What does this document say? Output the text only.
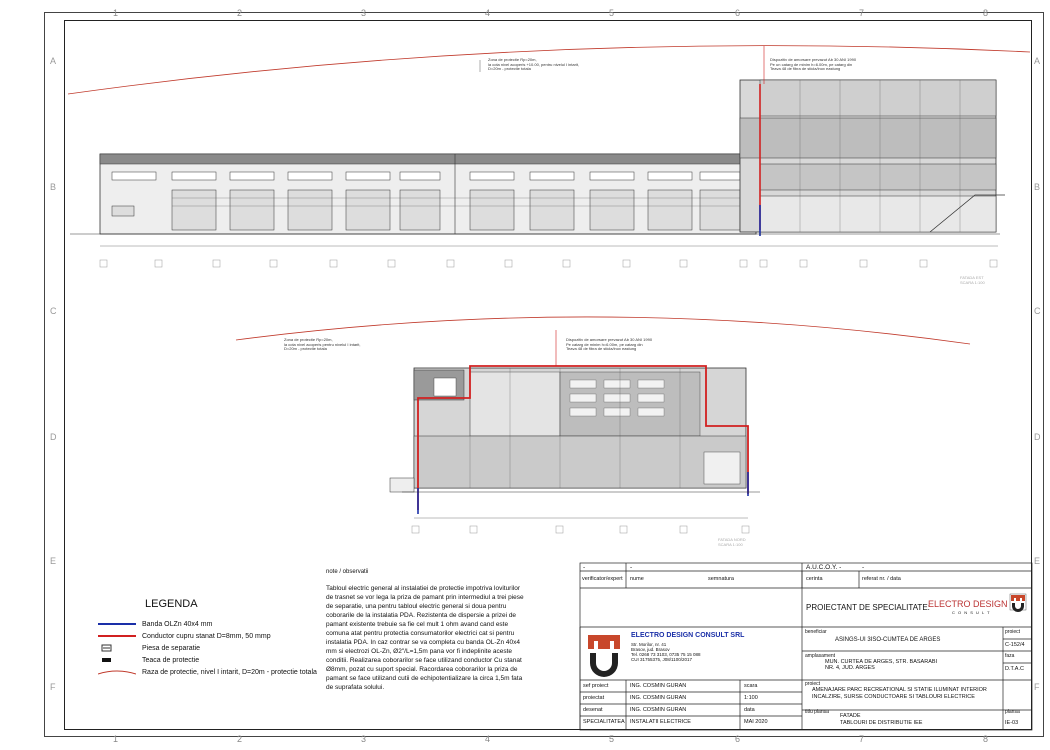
1	2	3	4	5	6	7	8
1	2	3	4	5	6	7	8
A
B
C
D
E
F
A
B
C
D
E
F
FATADA EST
SCARA 1:100
FATADA NORD
SCARA 1:100
Zona de protectie Rp=20m,
la cota nivel acoperis +10.00, pentru nivelul I intarit,
D=20m - protectie totala
Dispozitiv de amorsare prevazut Ab 30 ANI 1990
Pe un catarg de minim h=6.00m, pe catarg din
Teava 48 de fibra de sticla/inox eastung
Zona de protectie Rp=20m,
la cota nivel acoperis pentru nivelul I intarit,
D=20m - protectie totala
Dispozitiv de amorsare prevazut Ab 30 ANI 1990
Pe catarg de minim h=6.00m, pe catarg din
Teava 48 de fibra de sticla/inox eastung
LEGENDA
Banda OLZn 40x4 mm
Conductor cupru stanat D=8mm, 50 mmp
Piesa de separatie
Teaca de protectie
Raza de protectie, nivel I intarit, D=20m - protectie totala
note / observatii
Tabloul electric general al instalatiei de protectie impotriva loviturilor de trasnet se vor lega la priza de pamant prin intermediul a trei piese de separatie, una pentru tabloul electric general si doua pentru coborarile de la instalatia PDA. Rezistenta de dispersie a prizei de pamant existente trebuie sa fie cel mult 1 ohm avand cand este comuna atat pentru protectia consumatorilor electrici cat si pentru instalatia PDA. In caz contrar se va completa cu banda OL-Zn 40x4 mm si electrozi OL-Zn, Ø2"/L=1,5m pana vor fi indeplinite aceste conditii. Realizarea coborarilor se face utilizand conductor Cu stanat Ø8mm, pozat cu suport special. Racordarea coborarilor la priza de pamant se face utilizand cutii de echipotentializare la circa 1,5m fata de suprafata solului.
-	-	A.U.C.O.Y. -	-
verificator/expert nume	semnatura	cerinta	referat nr. / data
PROIECTANT DE SPECIALITATE:
ELECTRO DESIGN
C O N S U L T
ELECTRO DESIGN CONSULT SRL
Str. Morilor, nr. 41
Brasov, jud. Brasov
Tel. 0268 73 3103, 0735 75 15 088
CUI 31755375, J08/1100/2017
beneficiar
ASINGS-UI 3ISO-CUMTEA DE ARGES
proiect
C-152/4
amplasament
MUN. CURTEA DE ARGES, STR. BASARABI
NR. 4, JUD. ARGES
faza
D.T.A.C
proiect
AMENAJARE PARC RECREATIONAL SI STATIE ILUMINAT INTERIOR
INCALZIRE, SURSE CONDUCTOARE SI TABLOURI ELECTRICE
sef proiect	ING. COSMIN GURAN
proiectat	ING. COSMIN GURAN
desenat	ING. COSMIN GURAN
SPECIALITATEA INSTALATII ELECTRICE
scara
1:100
data
MAI 2020
titlu plansa
FATADE
TABLOURI DE DISTRIBUTIE IEE
plansa
IE-03
